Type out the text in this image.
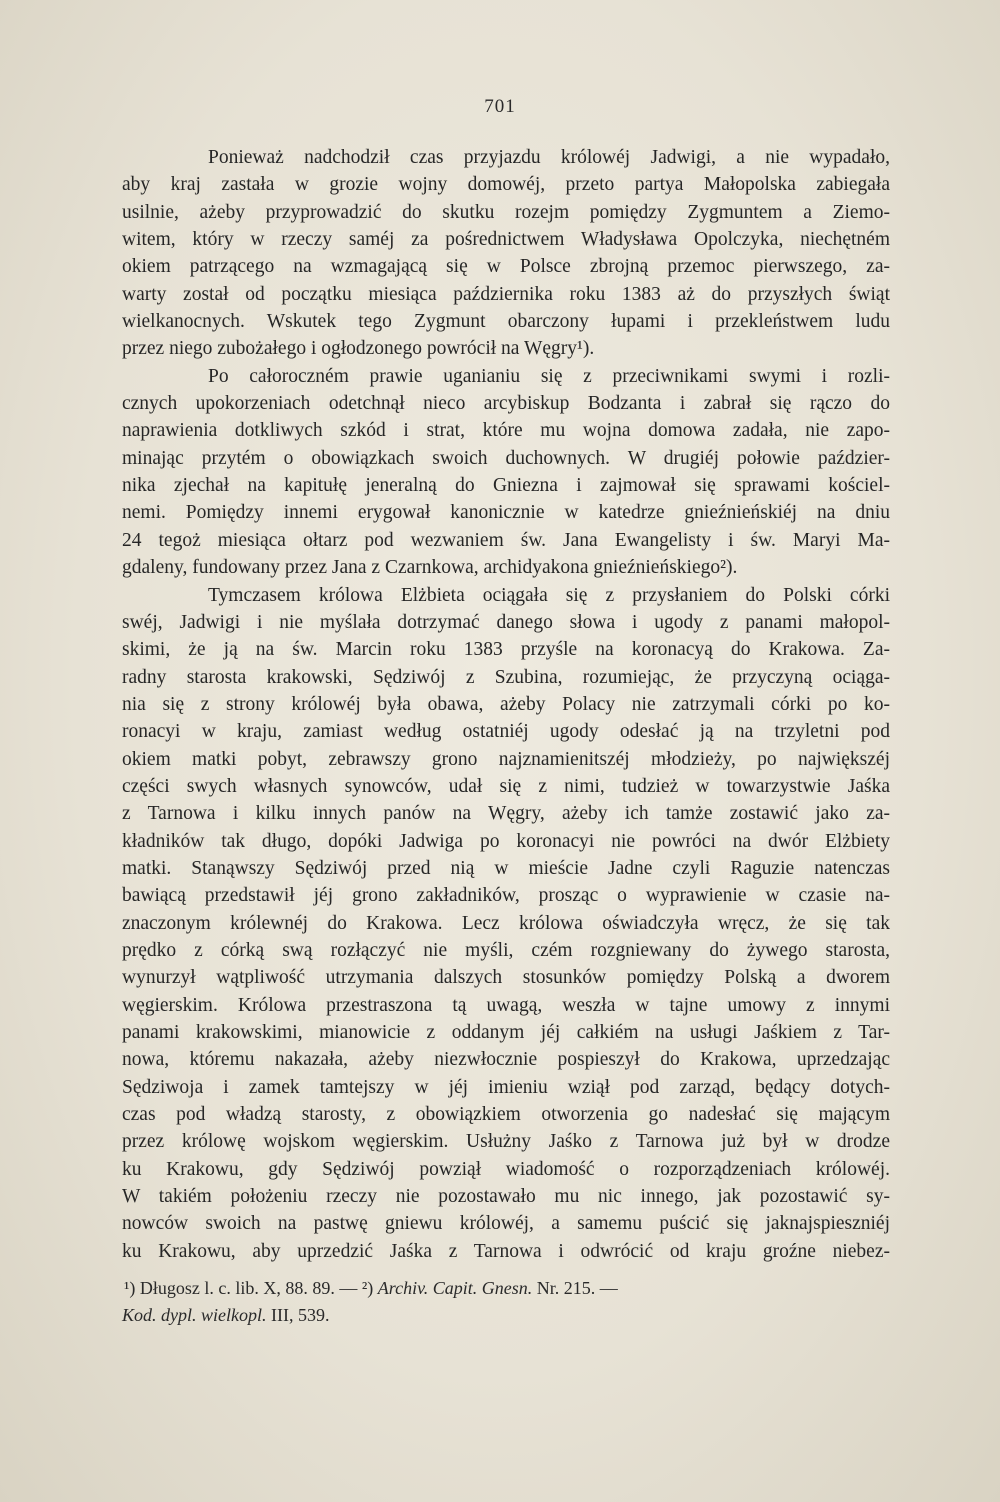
701
Ponieważ nadchodził czas przyjazdu królowéj Jadwigi, a nie wypadało,
aby kraj zastała w grozie wojny domowéj, przeto partya Małopolska zabiegała
usilnie, ażeby przyprowadzić do skutku rozejm pomiędzy Zygmuntem a Ziemo-
witem, który w rzeczy saméj za pośrednictwem Władysława Opolczyka, niechętném
okiem patrzącego na wzmagającą się w Polsce zbrojną przemoc pierwszego, za-
warty został od początku miesiąca października roku 1383 aż do przyszłych świąt
wielkanocnych. Wskutek tego Zygmunt obarczony łupami i przekleństwem ludu
przez niego zubożałego i ogłodzonego powrócił na Węgry¹).
Po całoroczném prawie uganianiu się z przeciwnikami swymi i rozli-
cznych upokorzeniach odetchnął nieco arcybiskup Bodzanta i zabrał się rączo do
naprawienia dotkliwych szkód i strat, które mu wojna domowa zadała, nie zapo-
minając przytém o obowiązkach swoich duchownych. W drugiéj połowie paździer-
nika zjechał na kapitułę jeneralną do Gniezna i zajmował się sprawami kościel-
nemi. Pomiędzy innemi erygował kanonicznie w katedrze gnieźnieńskiéj na dniu
24 tegoż miesiąca ołtarz pod wezwaniem św. Jana Ewangelisty i św. Maryi Ma-
gdaleny, fundowany przez Jana z Czarnkowa, archidyakona gnieźnieńskiego²).
Tymczasem królowa Elżbieta ociągała się z przysłaniem do Polski córki
swéj, Jadwigi i nie myślała dotrzymać danego słowa i ugody z panami małopol-
skimi, że ją na św. Marcin roku 1383 przyśle na koronacyą do Krakowa. Za-
radny starosta krakowski, Sędziwój z Szubina, rozumiejąc, że przyczyną ociąga-
nia się z strony królowéj była obawa, ażeby Polacy nie zatrzymali córki po ko-
ronacyi w kraju, zamiast według ostatniéj ugody odesłać ją na trzyletni pod
okiem matki pobyt, zebrawszy grono najznamienitszéj młodzieży, po największéj
części swych własnych synowców, udał się z nimi, tudzież w towarzystwie Jaśka
z Tarnowa i kilku innych panów na Węgry, ażeby ich tamże zostawić jako za-
kładników tak długo, dopóki Jadwiga po koronacyi nie powróci na dwór Elżbiety
matki. Stanąwszy Sędziwój przed nią w mieście Jadne czyli Raguzie natenczas
bawiącą przedstawił jéj grono zakładników, prosząc o wyprawienie w czasie na-
znaczonym królewnéj do Krakowa. Lecz królowa oświadczyła wręcz, że się tak
prędko z córką swą rozłączyć nie myśli, czém rozgniewany do żywego starosta,
wynurzył wątpliwość utrzymania dalszych stosunków pomiędzy Polską a dworem
węgierskim. Królowa przestraszona tą uwagą, weszła w tajne umowy z innymi
panami krakowskimi, mianowicie z oddanym jéj całkiém na usługi Jaśkiem z Tar-
nowa, któremu nakazała, ażeby niezwłocznie pospieszył do Krakowa, uprzedzając
Sędziwoja i zamek tamtejszy w jéj imieniu wziął pod zarząd, będący dotych-
czas pod władzą starosty, z obowiązkiem otworzenia go nadesłać się mającym
przez królowę wojskom węgierskim. Usłużny Jaśko z Tarnowa już był w drodze
ku Krakowu, gdy Sędziwój powziął wiadomość o rozporządzeniach królowéj.
W takiém położeniu rzeczy nie pozostawało mu nic innego, jak pozostawić sy-
nowców swoich na pastwę gniewu królowéj, a samemu puścić się jaknajspieszniéj
ku Krakowu, aby uprzedzić Jaśka z Tarnowa i odwrócić od kraju groźne niebez-
¹) Długosz l. c. lib. X, 88. 89. — ²) Archiv. Capit. Gnesn. Nr. 215. —
Kod. dypl. wielkopl. III, 539.
